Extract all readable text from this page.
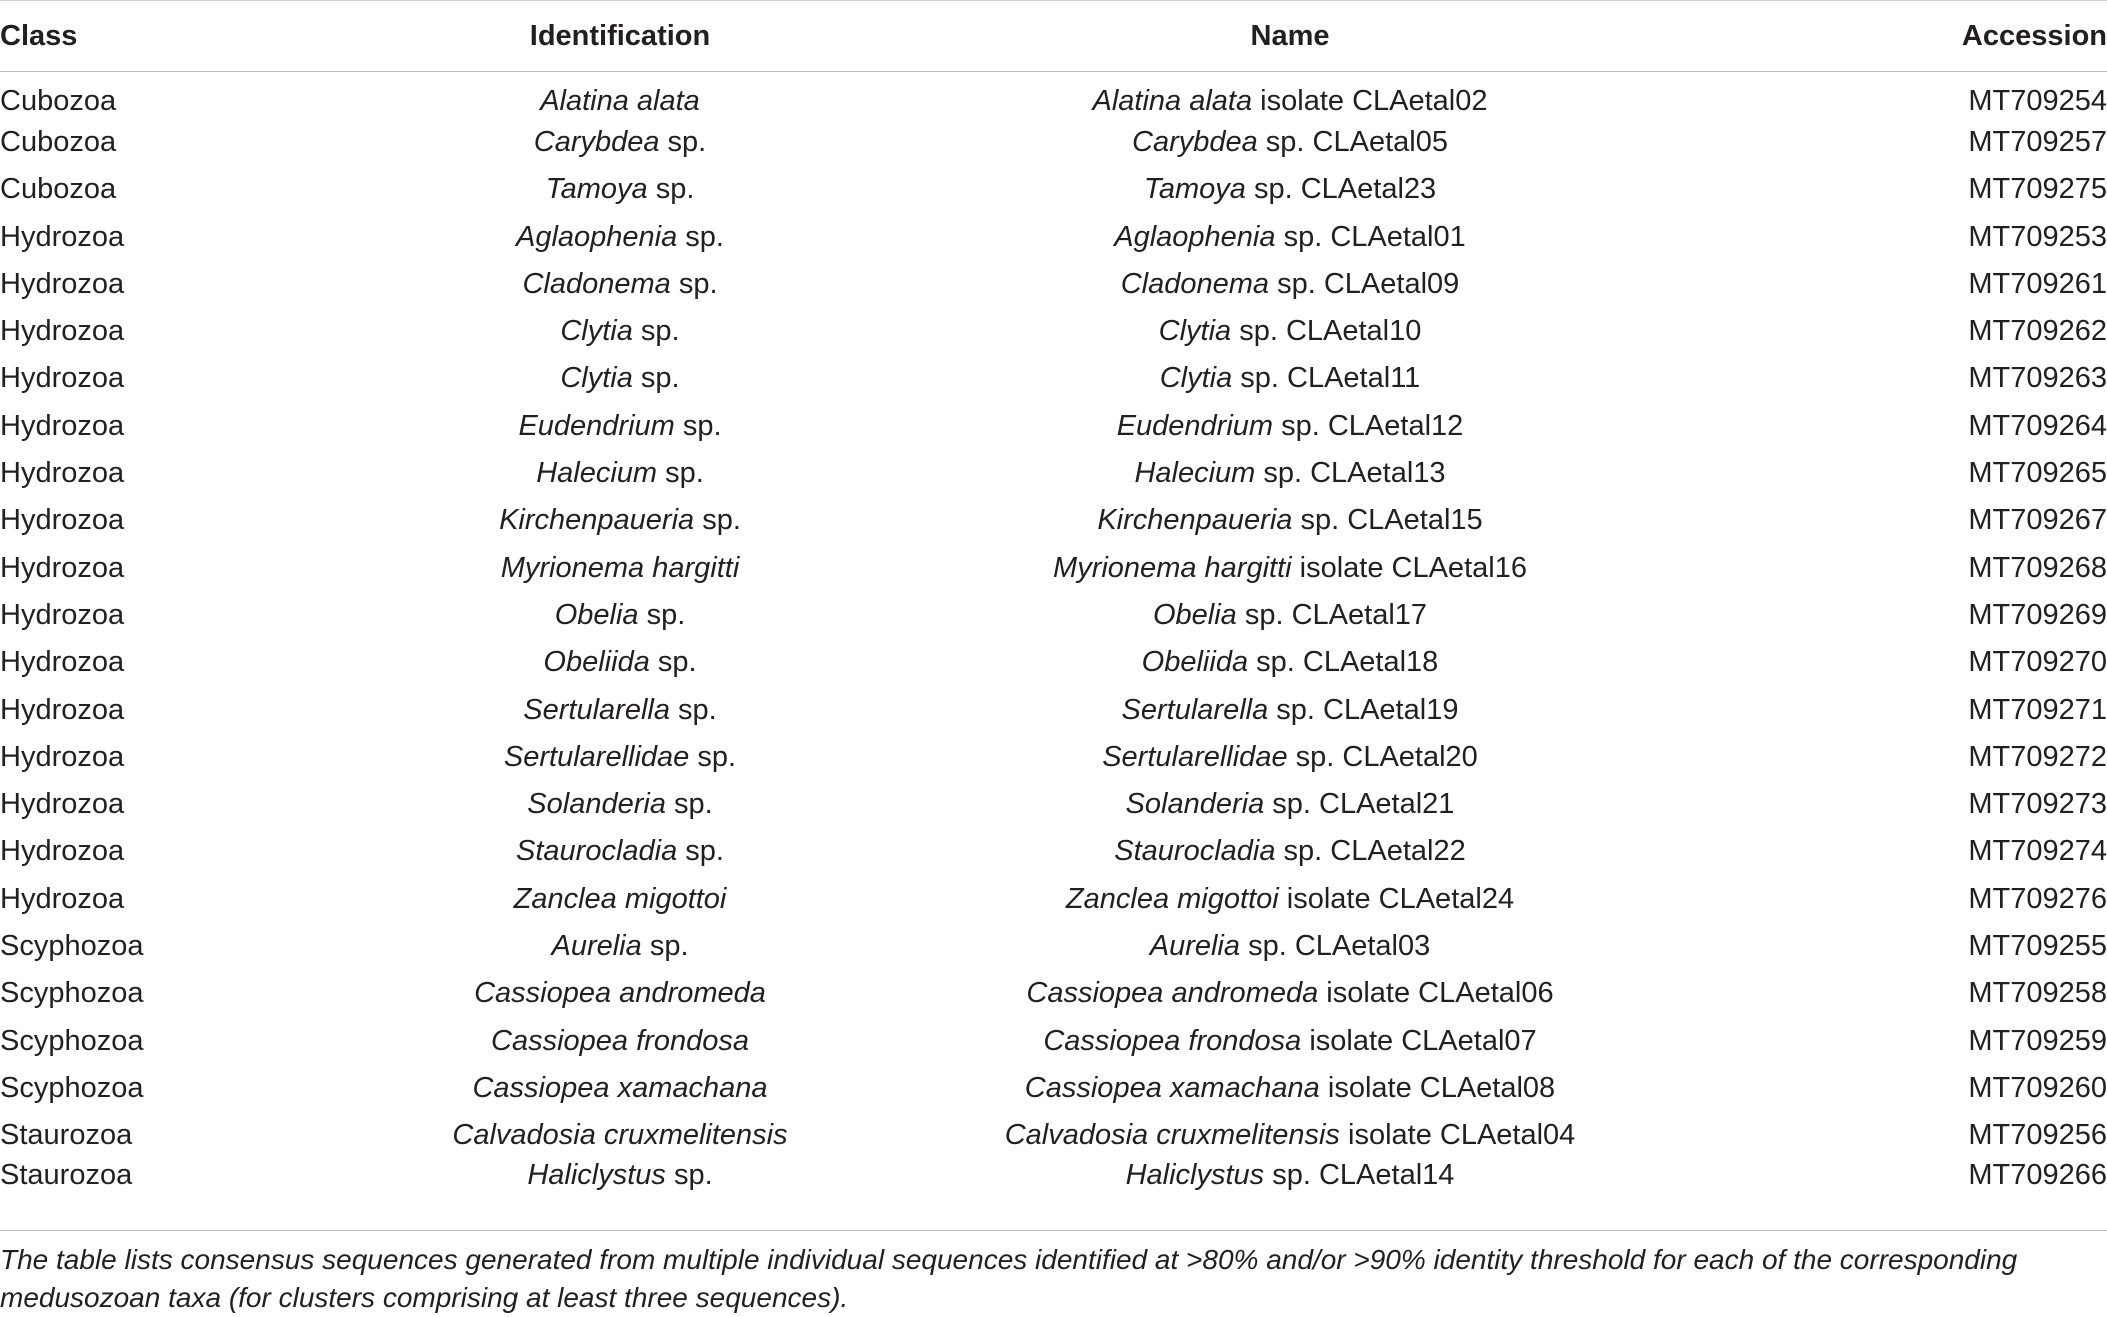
Class	Identification	Name	Accession
Cubozoa	Alatina alata	Alatina alata isolate CLAetal02	MT709254
Cubozoa	Carybdea sp.	Carybdea sp. CLAetal05	MT709257
Cubozoa	Tamoya sp.	Tamoya sp. CLAetal23	MT709275
Hydrozoa	Aglaophenia sp.	Aglaophenia sp. CLAetal01	MT709253
Hydrozoa	Cladonema sp.	Cladonema sp. CLAetal09	MT709261
Hydrozoa	Clytia sp.	Clytia sp. CLAetal10	MT709262
Hydrozoa	Clytia sp.	Clytia sp. CLAetal11	MT709263
Hydrozoa	Eudendrium sp.	Eudendrium sp. CLAetal12	MT709264
Hydrozoa	Halecium sp.	Halecium sp. CLAetal13	MT709265
Hydrozoa	Kirchenpaueria sp.	Kirchenpaueria sp. CLAetal15	MT709267
Hydrozoa	Myrionema hargitti	Myrionema hargitti isolate CLAetal16	MT709268
Hydrozoa	Obelia sp.	Obelia sp. CLAetal17	MT709269
Hydrozoa	Obeliida sp.	Obeliida sp. CLAetal18	MT709270
Hydrozoa	Sertularella sp.	Sertularella sp. CLAetal19	MT709271
Hydrozoa	Sertularellidae sp.	Sertularellidae sp. CLAetal20	MT709272
Hydrozoa	Solanderia sp.	Solanderia sp. CLAetal21	MT709273
Hydrozoa	Staurocladia sp.	Staurocladia sp. CLAetal22	MT709274
Hydrozoa	Zanclea migottoi	Zanclea migottoi isolate CLAetal24	MT709276
Scyphozoa	Aurelia sp.	Aurelia sp. CLAetal03	MT709255
Scyphozoa	Cassiopea andromeda	Cassiopea andromeda isolate CLAetal06	MT709258
Scyphozoa	Cassiopea frondosa	Cassiopea frondosa isolate CLAetal07	MT709259
Scyphozoa	Cassiopea xamachana	Cassiopea xamachana isolate CLAetal08	MT709260
Staurozoa	Calvadosia cruxmelitensis	Calvadosia cruxmelitensis isolate CLAetal04	MT709256
Staurozoa	Haliclystus sp.	Haliclystus sp. CLAetal14	MT709266
The table lists consensus sequences generated from multiple individual sequences identified at >80% and/or >90% identity threshold for each of the corresponding medusozoan taxa (for clusters comprising at least three sequences).
